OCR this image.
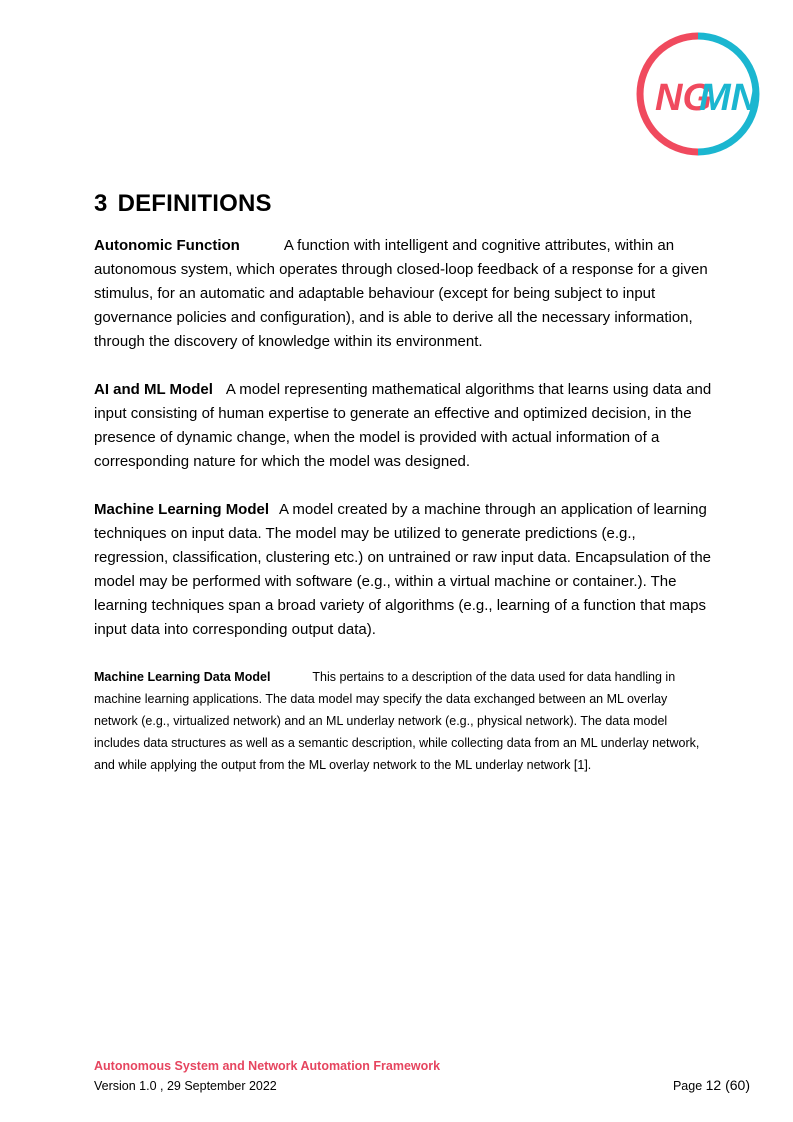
NG
MN
3 DEFINITIONS

Autonomic Function	A function with intelligent and cognitive attributes, within an autonomous system, which operates through closed-loop feedback of a response for a given stimulus, for an automatic and adaptable behaviour (except for being subject to input governance policies and configuration), and is able to derive all the necessary information, through the discovery of knowledge within its environment.

AI and ML Model A model representing mathematical algorithms that learns using data and input consisting of human expertise to generate an effective and optimized decision, in the presence of dynamic change, when the model is provided with actual information of a corresponding nature for which the model was designed.

Machine Learning Model A model created by a machine through an application of learning techniques on input data. The model may be utilized to generate predictions (e.g., regression, classification, clustering etc.) on untrained or raw input data. Encapsulation of the model may be performed with software (e.g., within a virtual machine or container.). The learning techniques span a broad variety of algorithms (e.g., learning of a function that maps input data into corresponding output data).

Machine Learning Data Model	This pertains to a description of the data used for data handling in machine learning applications. The data model may specify the data exchanged between an ML overlay network (e.g., virtualized network) and an ML underlay network (e.g., physical network). The data model includes data structures as well as a semantic description, while collecting data from an ML underlay network, and while applying the output from the ML overlay network to the ML underlay network [1].

Autonomous System and Network Automation Framework
Version 1.0 , 29 September 2022	Page 12 (60)
